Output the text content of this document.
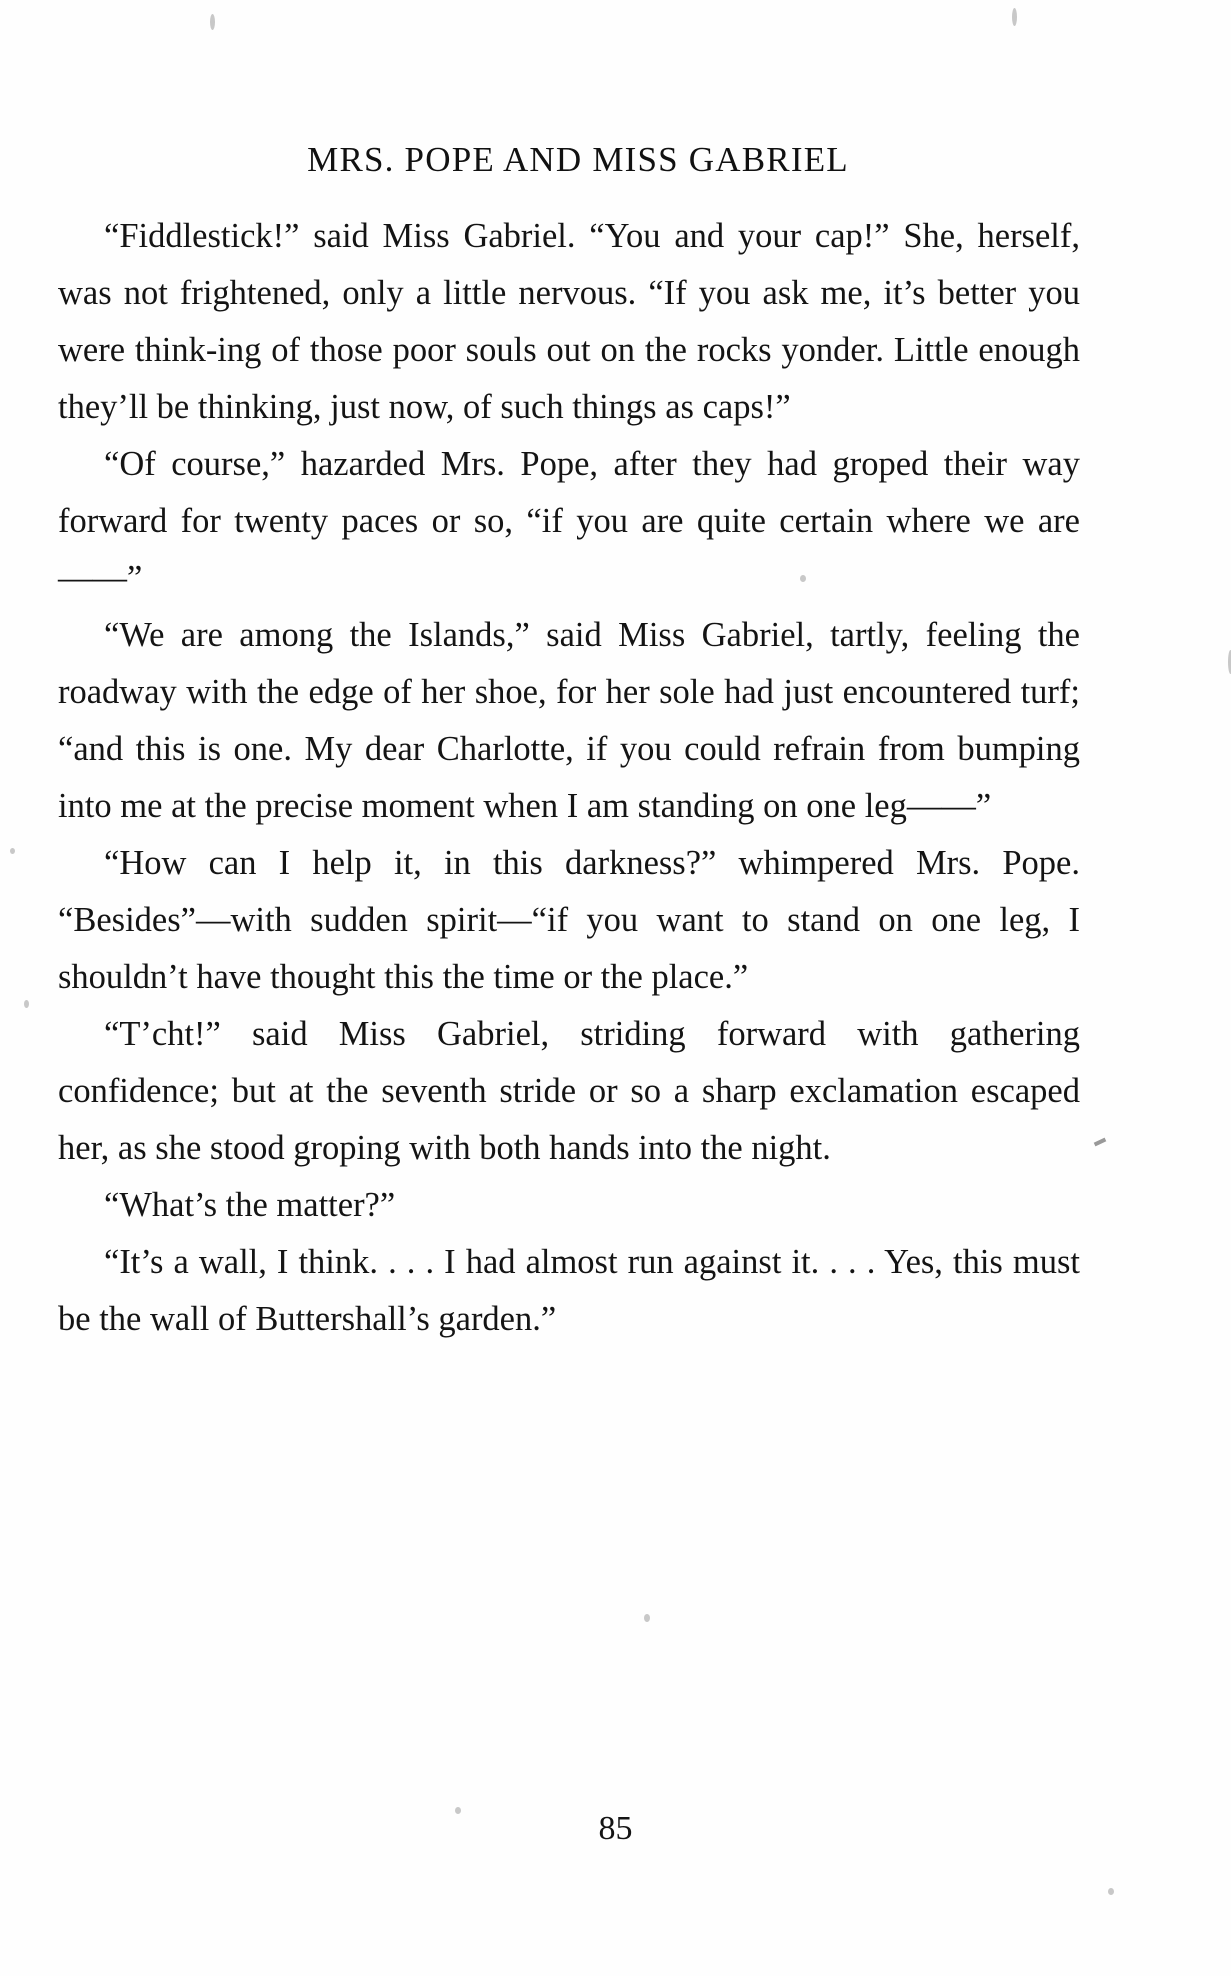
MRS. POPE AND MISS GABRIEL

“Fiddlestick!” said Miss Gabriel. “You and your cap!” She, herself, was not frightened, only a little nervous. “If you ask me, it’s better you were think-ing of those poor souls out on the rocks yonder. Little enough they’ll be thinking, just now, of such things as caps!”

“Of course,” hazarded Mrs. Pope, after they had groped their way forward for twenty paces or so, “if you are quite certain where we are——”

“We are among the Islands,” said Miss Gabriel, tartly, feeling the roadway with the edge of her shoe, for her sole had just encountered turf; “and this is one. My dear Charlotte, if you could refrain from bumping into me at the precise moment when I am standing on one leg——”

“How can I help it, in this darkness?” whimpered Mrs. Pope. “Besides”—with sudden spirit—“if you want to stand on one leg, I shouldn’t have thought this the time or the place.”

“T’cht!” said Miss Gabriel, striding forward with gathering confidence; but at the seventh stride or so a sharp exclamation escaped her, as she stood groping with both hands into the night.

“What’s the matter?”

“It’s a wall, I think. . . . I had almost run against it. . . . Yes, this must be the wall of Buttershall’s garden.”

85
